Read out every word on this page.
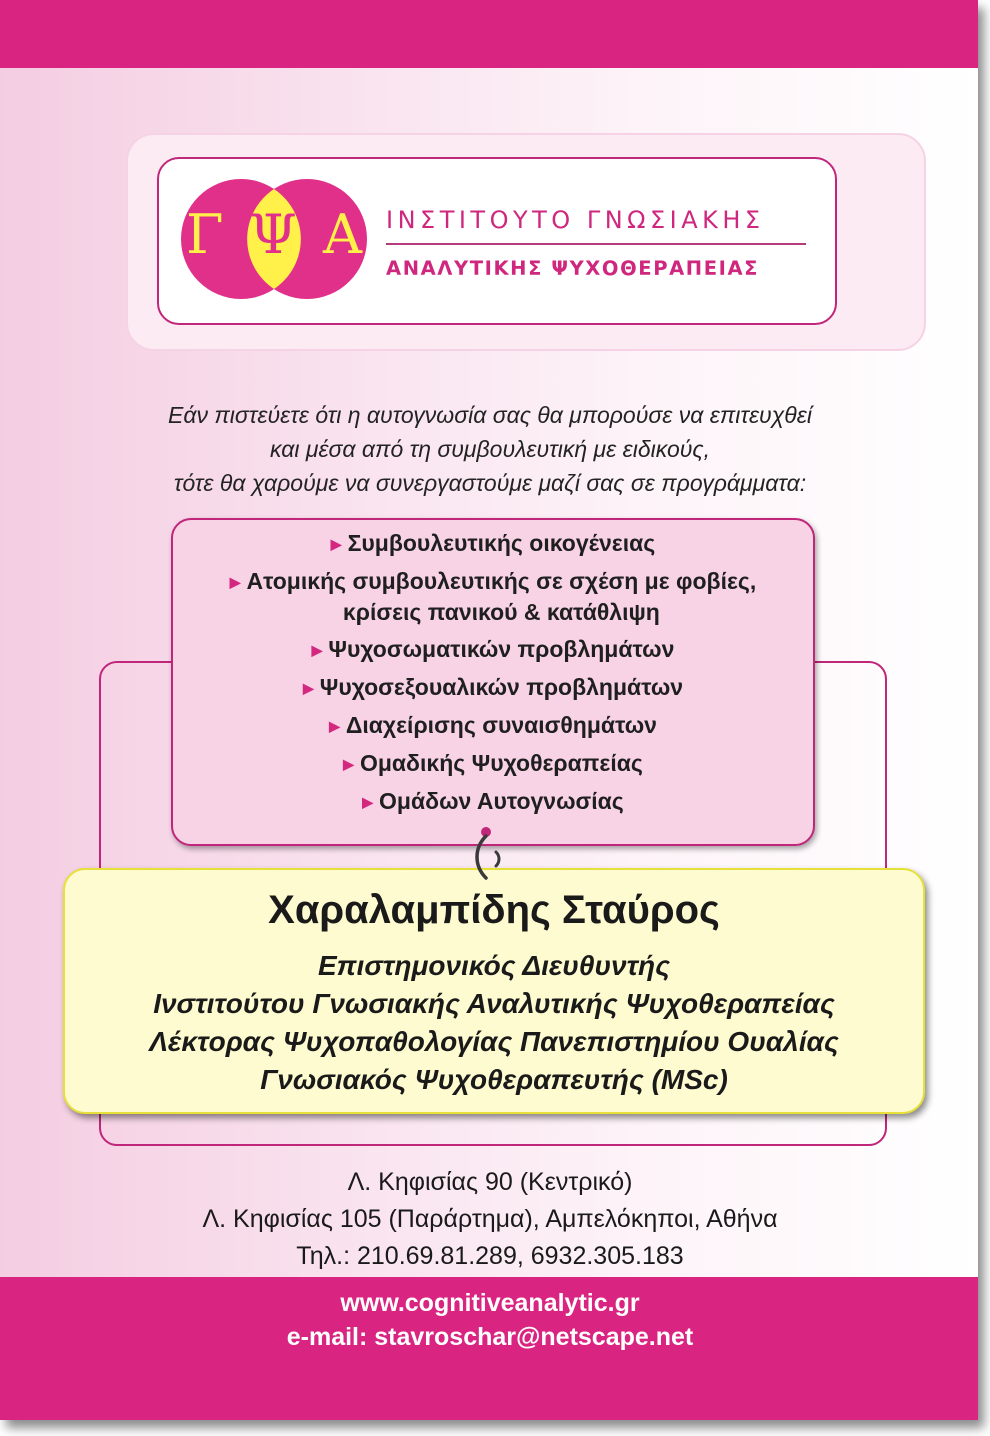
Γ Ψ Α ΙΝΣΤΙΤΟΥΤΟ ΓΝΩΣΙΑΚΗΣ
ΑΝΑΛΥΤΙΚΗΣ ΨΥΧΟΘΕΡΑΠΕΙΑΣ
Εάν πιστεύετε ότι η αυτογνωσία σας θα μπορούσε να επιτευχθεί
και μέσα από τη συμβουλευτική με ειδικούς,
τότε θα χαρούμε να συνεργαστούμε μαζί σας σε προγράμματα:
▶ Συμβουλευτικής οικογένειας
▶ Ατομικής συμβουλευτικής σε σχέση με φοβίες,
κρίσεις πανικού & κατάθλιψη
▶ Ψυχοσωματικών προβλημάτων
▶ Ψυχοσεξουαλικών προβλημάτων
▶ Διαχείρισης συναισθημάτων
▶ Ομαδικής Ψυχοθεραπείας
▶ Ομάδων Αυτογνωσίας
Χαραλαμπίδης Σταύρος
Επιστημονικός Διευθυντής
Ινστιτούτου Γνωσιακής Αναλυτικής Ψυχοθεραπείας
Λέκτορας Ψυχοπαθολογίας Πανεπιστημίου Ουαλίας
Γνωσιακός Ψυχοθεραπευτής (MSc)
Λ. Κηφισίας 90 (Κεντρικό)
Λ. Κηφισίας 105 (Παράρτημα), Αμπελόκηποι, Αθήνα
Τηλ.: 210.69.81.289, 6932.305.183
www.cognitiveanalytic.gr
e-mail: stavroschar@netscape.net
